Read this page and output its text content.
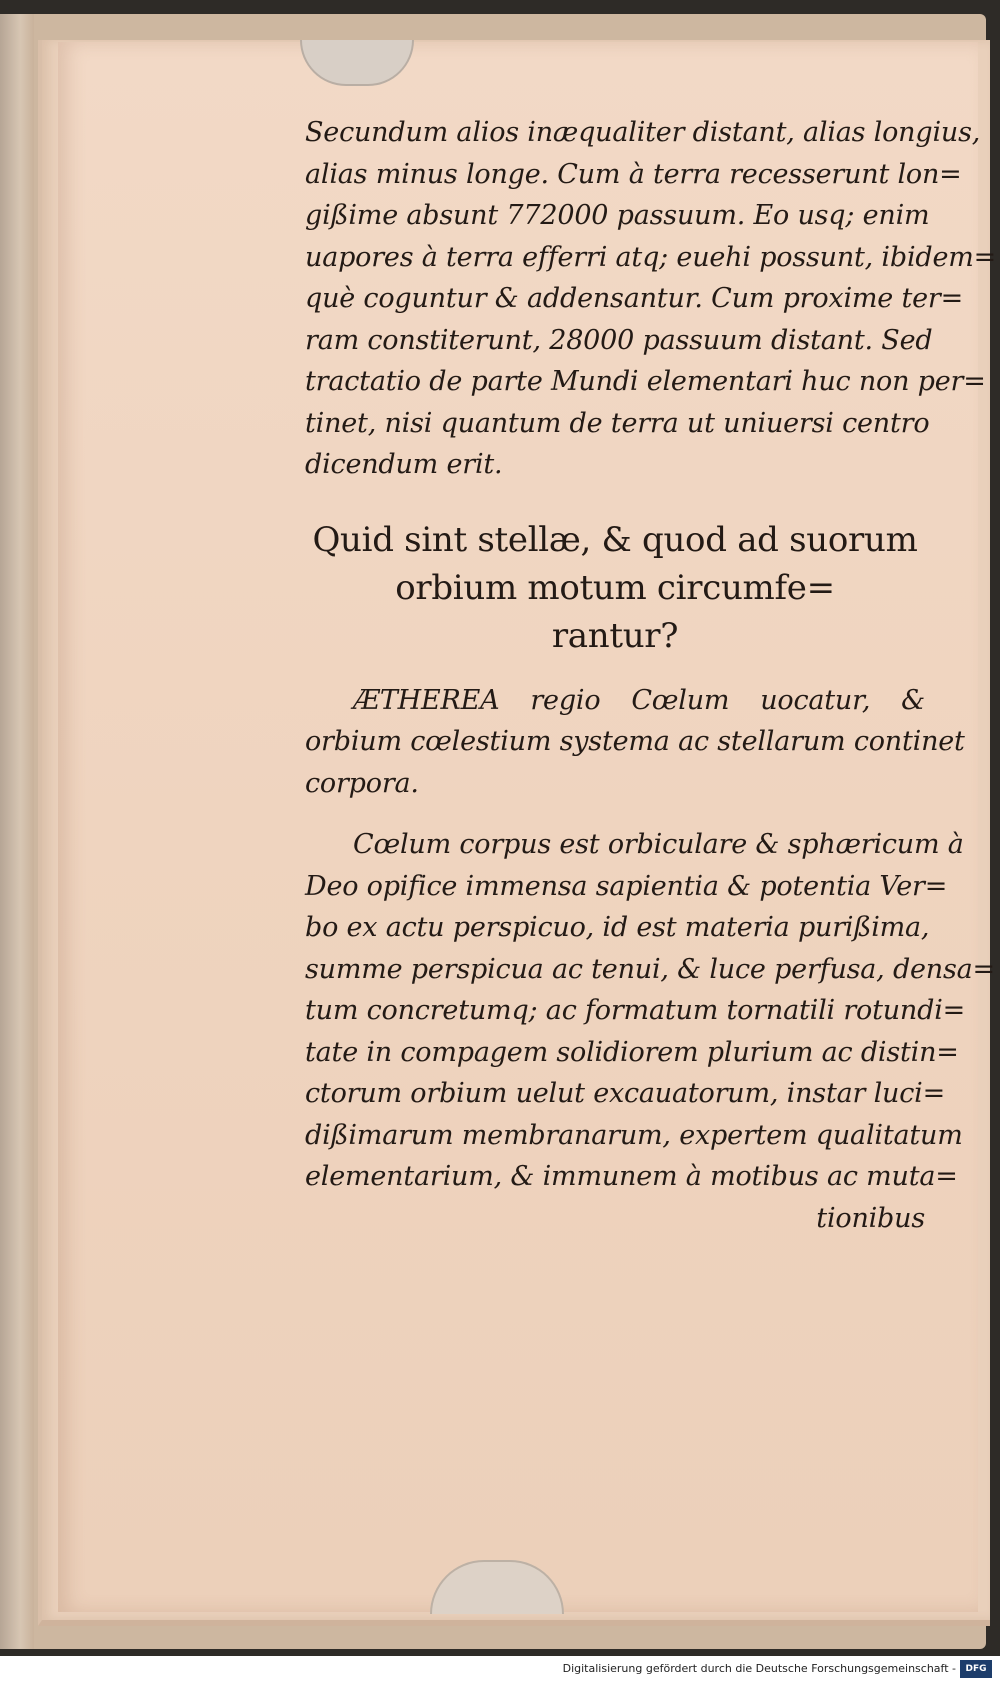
Secundum alios inæqualiter distant, alias longius,
alias minus longe. Cum à terra recesserunt lon=
gißime absunt 772000 passuum. Eo usq; enim
uapores à terra efferri atq; euehi possunt, ibidem=
què coguntur & addensantur. Cum proxime ter=
ram constiterunt, 28000 passuum distant. Sed
tractatio de parte Mundi elementari huc non per=
tinet, nisi quantum de terra ut uniuersi centro
dicendum erit.
Quid sint stellæ, & quod ad suorum
orbium motum circumfe=
rantur?
ÆTHEREA regio Cœlum uocatur, &
orbium cœlestium systema ac stellarum continet
corpora.
Cœlum corpus est orbiculare & sphæricum à
Deo opifice immensa sapientia & potentia Ver=
bo ex actu perspicuo, id est materia purißima,
summe perspicua ac tenui, & luce perfusa, densa=
tum concretumq; ac formatum tornatili rotundi=
tate in compagem solidiorem plurium ac distin=
ctorum orbium uelut excauatorum, instar luci=
dißimarum membranarum, expertem qualitatum
elementarium, & immunem à motibus ac muta=
tionibus
Digitalisierung gefördert durch die Deutsche Forschungsgemeinschaft -	DFG
